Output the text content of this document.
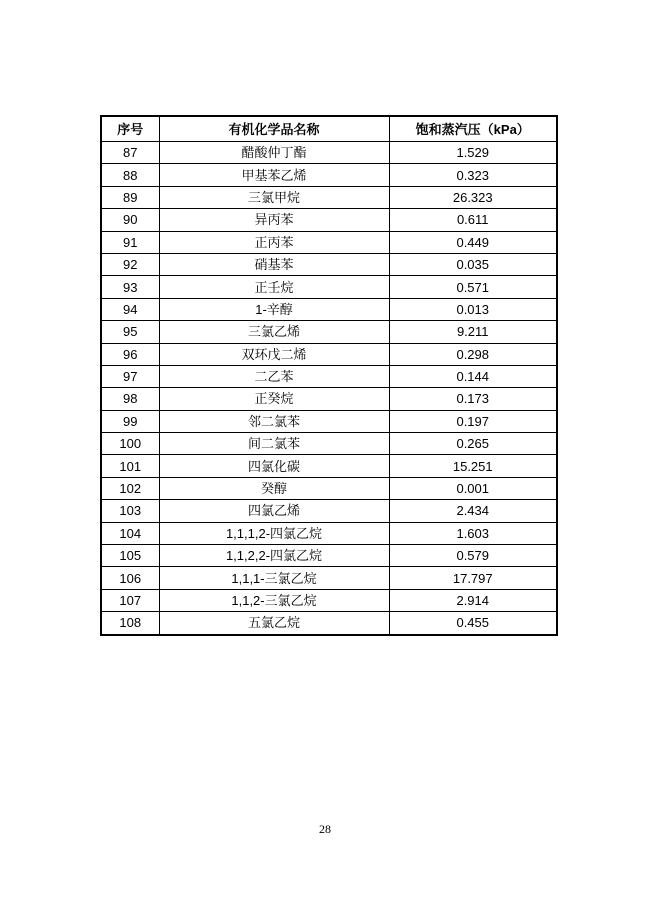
序号	有机化学品名称	饱和蒸汽压（kPa）
87	醋酸仲丁酯	1.529
88	甲基苯乙烯	0.323
89	三氯甲烷	26.323
90	异丙苯	0.611
91	正丙苯	0.449
92	硝基苯	0.035
93	正壬烷	0.571
94	1-辛醇	0.013
95	三氯乙烯	9.211
96	双环戊二烯	0.298
97	二乙苯	0.144
98	正癸烷	0.173
99	邻二氯苯	0.197
100	间二氯苯	0.265
101	四氯化碳	15.251
102	癸醇	0.001
103	四氯乙烯	2.434
104	1,1,1,2-四氯乙烷	1.603
105	1,1,2,2-四氯乙烷	0.579
106	1,1,1-三氯乙烷	17.797
107	1,1,2-三氯乙烷	2.914
108	五氯乙烷	0.455
28
